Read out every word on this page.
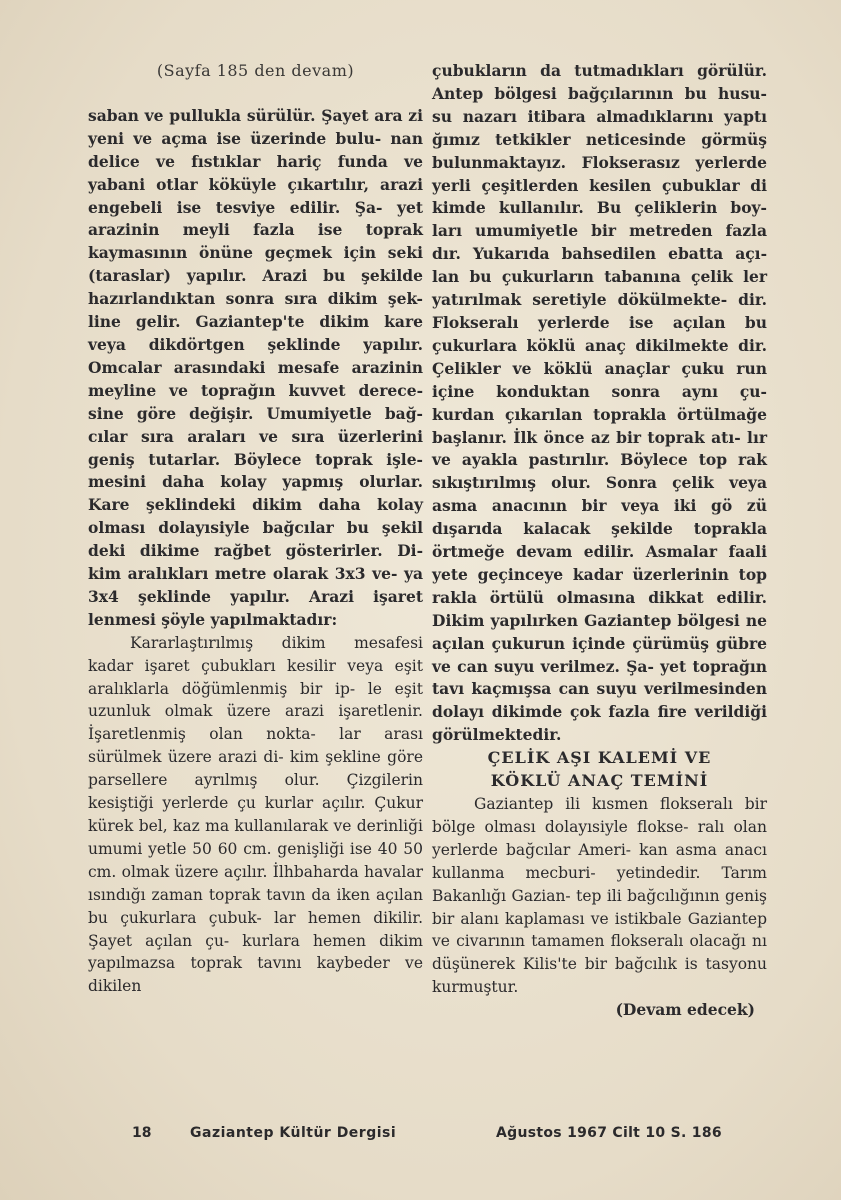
(Sayfa 185 den devam)

saban ve pullukla sürülür. Şayet ara zi yeni ve açma ise üzerinde bulu- nan delice ve fıstıklar hariç funda ve yabani otlar köküyle çıkartılır, arazi engebeli ise tesviye edilir. Şa- yet arazinin meyli fazla ise toprak kaymasının önüne geçmek için seki (taraslar) yapılır. Arazi bu şekilde hazırlandıktan sonra sıra dikim şek- line gelir. Gaziantep'te dikim kare veya dikdörtgen şeklinde yapılır. Omcalar arasındaki mesafe arazinin meyline ve toprağın kuvvet derece- sine göre değişir. Umumiyetle bağ- cılar sıra araları ve sıra üzerlerini geniş tutarlar. Böylece toprak işle- mesini daha kolay yapmış olurlar. Kare şeklindeki dikim daha kolay olması dolayısiyle bağcılar bu şekil deki dikime rağbet gösterirler. Di- kim aralıkları metre olarak 3x3 ve- ya 3x4 şeklinde yapılır. Arazi işaret lenmesi şöyle yapılmaktadır:

Kararlaştırılmış dikim mesafesi kadar işaret çubukları kesilir veya eşit aralıklarla döğümlenmiş bir ip- le eşit uzunluk olmak üzere arazi işaretlenir. İşaretlenmiş olan nokta- lar arası sürülmek üzere arazi di- kim şekline göre parsellere ayrılmış olur. Çizgilerin kesiştiği yerlerde çu kurlar açılır. Çukur kürek bel, kaz ma kullanılarak ve derinliği umumi yetle 50 60 cm. genişliği ise 40 50 cm. olmak üzere açılır. İlhbaharda havalar ısındığı zaman toprak tavın da iken açılan bu çukurlara çubuk- lar hemen dikilir. Şayet açılan çu- kurlara hemen dikim yapılmazsa toprak tavını kaybeder ve dikilen

çubukların da tutmadıkları görülür. Antep bölgesi bağçılarının bu husu- su nazarı itibara almadıklarını yaptı ğımız tetkikler neticesinde görmüş bulunmaktayız. Flokserasız yerlerde yerli çeşitlerden kesilen çubuklar di kimde kullanılır. Bu çeliklerin boy- ları umumiyetle bir metreden fazla dır. Yukarıda bahsedilen ebatta açı- lan bu çukurların tabanına çelik ler yatırılmak seretiyle dökülmekte- dir. Flokseralı yerlerde ise açılan bu çukurlara köklü anaç dikilmekte dir. Çelikler ve köklü anaçlar çuku run içine konduktan sonra aynı çu- kurdan çıkarılan toprakla örtülmağe başlanır. İlk önce az bir toprak atı- lır ve ayakla pastırılır. Böylece top rak sıkıştırılmış olur. Sonra çelik veya asma anacının bir veya iki gö zü dışarıda kalacak şekilde toprakla örtmeğe devam edilir. Asmalar faali yete geçinceye kadar üzerlerinin top rakla örtülü olmasına dikkat edilir. Dikim yapılırken Gaziantep bölgesi ne açılan çukurun içinde çürümüş gübre ve can suyu verilmez. Şa- yet toprağın tavı kaçmışsa can suyu verilmesinden dolayı dikimde çok fazla fire verildiği görülmektedir.

ÇELİK AŞI KALEMİ VE

KÖKLÜ ANAÇ TEMİNİ

Gaziantep ili kısmen flokseralı bir bölge olması dolayısiyle flokse- ralı olan yerlerde bağcılar Ameri- kan asma anacı kullanma mecburi- yetindedir. Tarım Bakanlığı Gazian- tep ili bağcılığının geniş bir alanı kaplaması ve istikbale Gaziantep ve civarının tamamen flokseralı olacağı nı düşünerek Kilis'te bir bağcılık is tasyonu kurmuştur.

(Devam edecek)

18	Gaziantep Kültür Dergisi	Ağustos 1967 Cilt 10 S. 186
